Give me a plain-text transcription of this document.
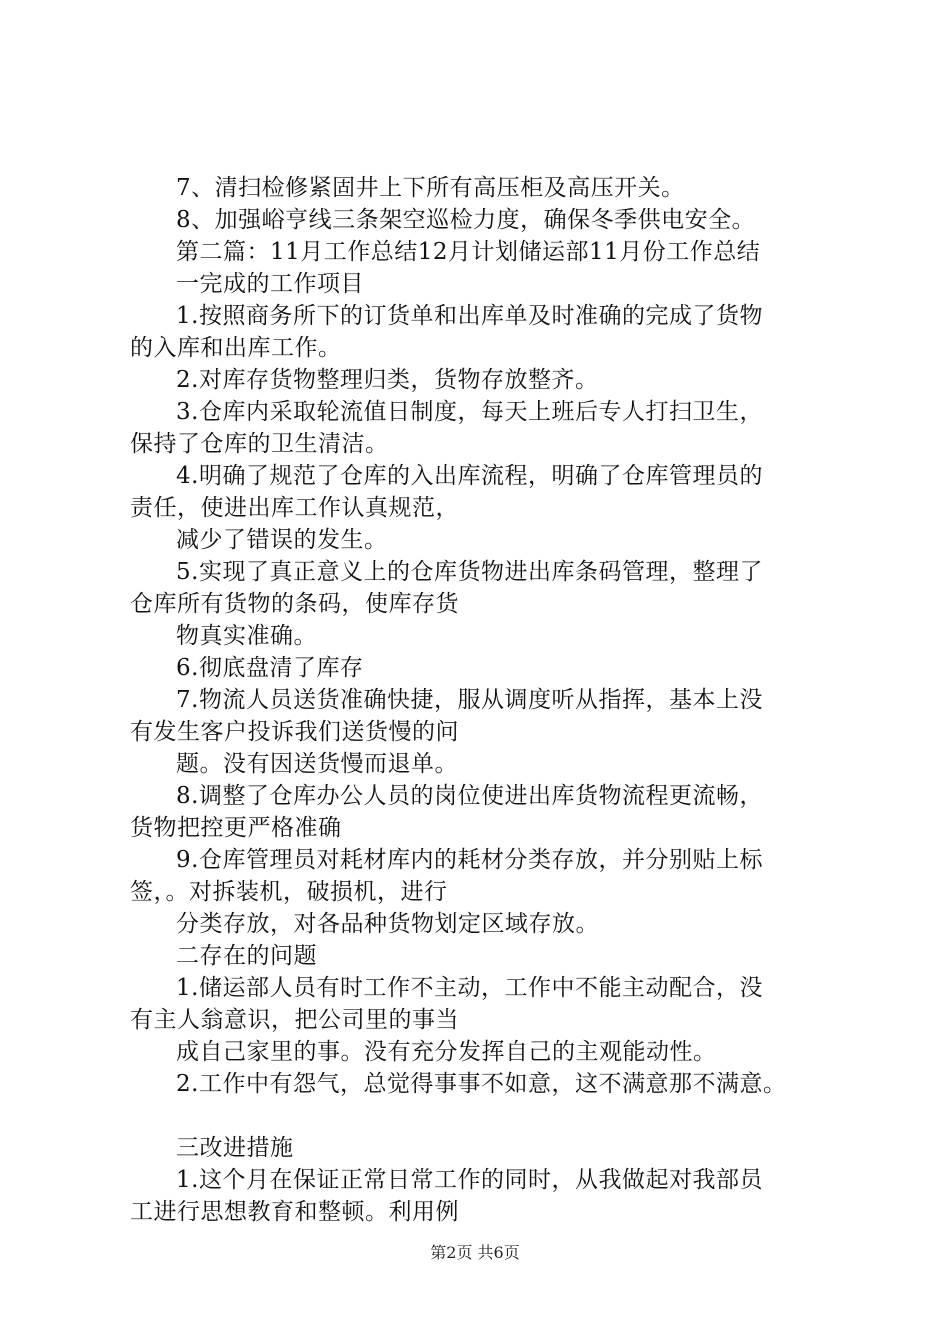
7、清扫检修紧固井上下所有高压柜及高压开关。
8、加强峪亨线三条架空巡检力度，确保冬季供电安全。
第二篇：11月工作总结12月计划储运部11月份工作总结
一完成的工作项目
1.按照商务所下的订货单和出库单及时准确的完成了货物
的入库和出库工作。
2.对库存货物整理归类，货物存放整齐。
3.仓库内采取轮流值日制度，每天上班后专人打扫卫生，
保持了仓库的卫生清洁。
4.明确了规范了仓库的入出库流程，明确了仓库管理员的
责任，使进出库工作认真规范，
减少了错误的发生。
5.实现了真正意义上的仓库货物进出库条码管理，整理了
仓库所有货物的条码，使库存货
物真实准确。
6.彻底盘清了库存
7.物流人员送货准确快捷，服从调度听从指挥，基本上没
有发生客户投诉我们送货慢的问
题。没有因送货慢而退单。
8.调整了仓库办公人员的岗位使进出库货物流程更流畅，
货物把控更严格准确
9.仓库管理员对耗材库内的耗材分类存放，并分别贴上标
签，。对拆装机，破损机，进行
分类存放，对各品种货物划定区域存放。
二存在的问题
1.储运部人员有时工作不主动，工作中不能主动配合，没
有主人翁意识，把公司里的事当
成自己家里的事。没有充分发挥自己的主观能动性。
2.工作中有怨气，总觉得事事不如意，这不满意那不满意。
三改进措施
1.这个月在保证正常日常工作的同时，从我做起对我部员
工进行思想教育和整顿。利用例
第2页 共6页
